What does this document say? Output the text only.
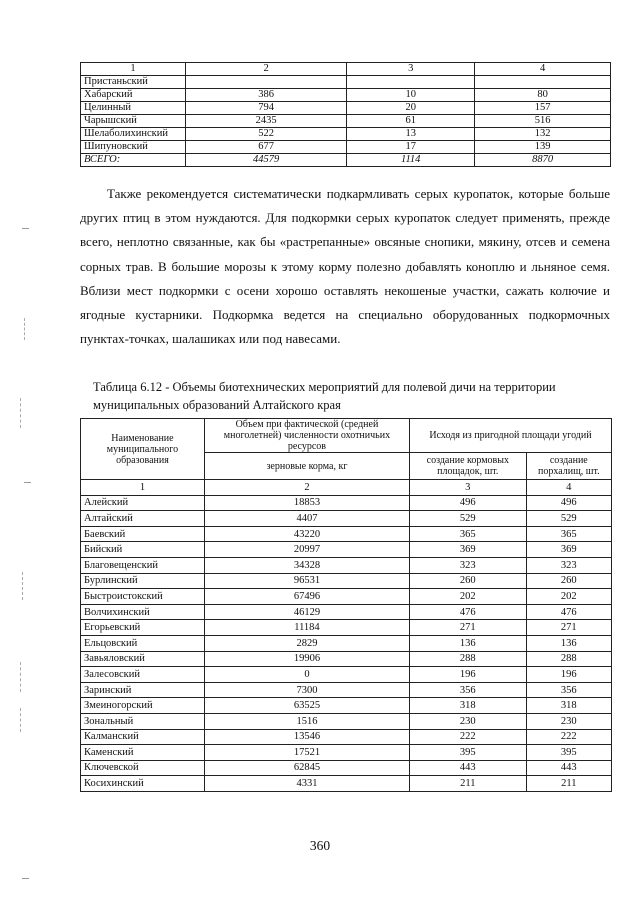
1	2	3	4
Пристаньский			
Хабарский	386	10	80
Целинный	794	20	157
Чарышский	2435	61	516
Шелаболихинский	522	13	132
Шипуновский	677	17	139
ВСЕГО:	44579	1114	8870

Также рекомендуется систематически подкармливать серых куропаток, которые больше других птиц в этом нуждаются. Для подкормки серых куропаток следует применять, прежде всего, неплотно связанные, как бы «растрепанные» овсяные снопики, мякину, отсев и семена сорных трав. В большие морозы к этому корму полезно добавлять коноплю и льняное семя. Вблизи мест подкормки с осени хорошо оставлять некошеные участки, сажать колючие и ягодные кустарники. Подкормка ведется на специально оборудованных подкормочных пунктах-точках, шалашиках или под навесами.

Таблица 6.12 - Объемы биотехнических мероприятий для полевой дичи на территории
муниципальных образований Алтайского края
Наименование муниципального образования	Объем при фактической (средней многолетней) численности охотничьих ресурсов	Исходя из пригодной площади угодий	
	зерновые корма, кг	создание кормовых площадок, шт.	создание порхалищ, шт.
1	2	3	4
Алейский	18853	496	496
Алтайский	4407	529	529
Баевский	43220	365	365
Бийский	20997	369	369
Благовещенский	34328	323	323
Бурлинский	96531	260	260
Быстроистокский	67496	202	202
Волчихинский	46129	476	476
Егорьевский	11184	271	271
Ельцовский	2829	136	136
Завьяловский	19906	288	288
Залесовский	0	196	196
Заринский	7300	356	356
Змеиногорский	63525	318	318
Зональный	1516	230	230
Калманский	13546	222	222
Каменский	17521	395	395
Ключевской	62845	443	443
Косихинский	4331	211	211
360
